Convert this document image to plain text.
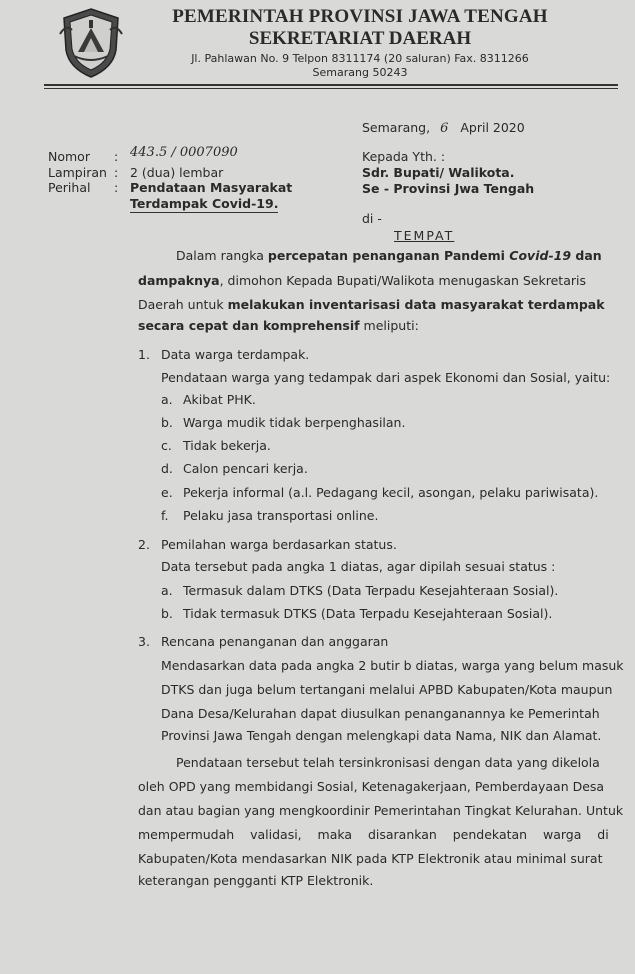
PEMERINTAH PROVINSI JAWA TENGAH
SEKRETARIAT DAERAH
Jl. Pahlawan No. 9 Telpon 8311174 (20 saluran) Fax. 8311266
Semarang 50243
Semarang, 6 April 2020
Nomor : 443.5 / 0007090
Lampiran : 2 (dua) lembar
Perihal : Pendataan Masyarakat
Terdampak Covid-19.
Kepada Yth. :
Sdr. Bupati/ Walikota.
Se - Provinsi Jwa Tengah
di -
TEMPAT
Dalam rangka percepatan penanganan Pandemi Covid-19 dan
dampaknya, dimohon Kepada Bupati/Walikota menugaskan Sekretaris
Daerah untuk melakukan inventarisasi data masyarakat terdampak
secara cepat dan komprehensif meliputi:
1. Data warga terdampak.
Pendataan warga yang tedampak dari aspek Ekonomi dan Sosial, yaitu:
a. Akibat PHK.
b. Warga mudik tidak berpenghasilan.
c. Tidak bekerja.
d. Calon pencari kerja.
e. Pekerja informal (a.l. Pedagang kecil, asongan, pelaku pariwisata).
f. Pelaku jasa transportasi online.
2. Pemilahan warga berdasarkan status.
Data tersebut pada angka 1 diatas, agar dipilah sesuai status :
a. Termasuk dalam DTKS (Data Terpadu Kesejahteraan Sosial).
b. Tidak termasuk DTKS (Data Terpadu Kesejahteraan Sosial).
3. Rencana penanganan dan anggaran
Mendasarkan data pada angka 2 butir b diatas, warga yang belum masuk
DTKS dan juga belum tertangani melalui APBD Kabupaten/Kota maupun
Dana Desa/Kelurahan dapat diusulkan penanganannya ke Pemerintah
Provinsi Jawa Tengah dengan melengkapi data Nama, NIK dan Alamat.
Pendataan tersebut telah tersinkronisasi dengan data yang dikelola
oleh OPD yang membidangi Sosial, Ketenagakerjaan, Pemberdayaan Desa
dan atau bagian yang mengkoordinir Pemerintahan Tingkat Kelurahan. Untuk
mempermudah    validasi,    maka    disarankan    pendekatan    warga    di
Kabupaten/Kota mendasarkan NIK pada KTP Elektronik atau minimal surat
keterangan pengganti KTP Elektronik.
